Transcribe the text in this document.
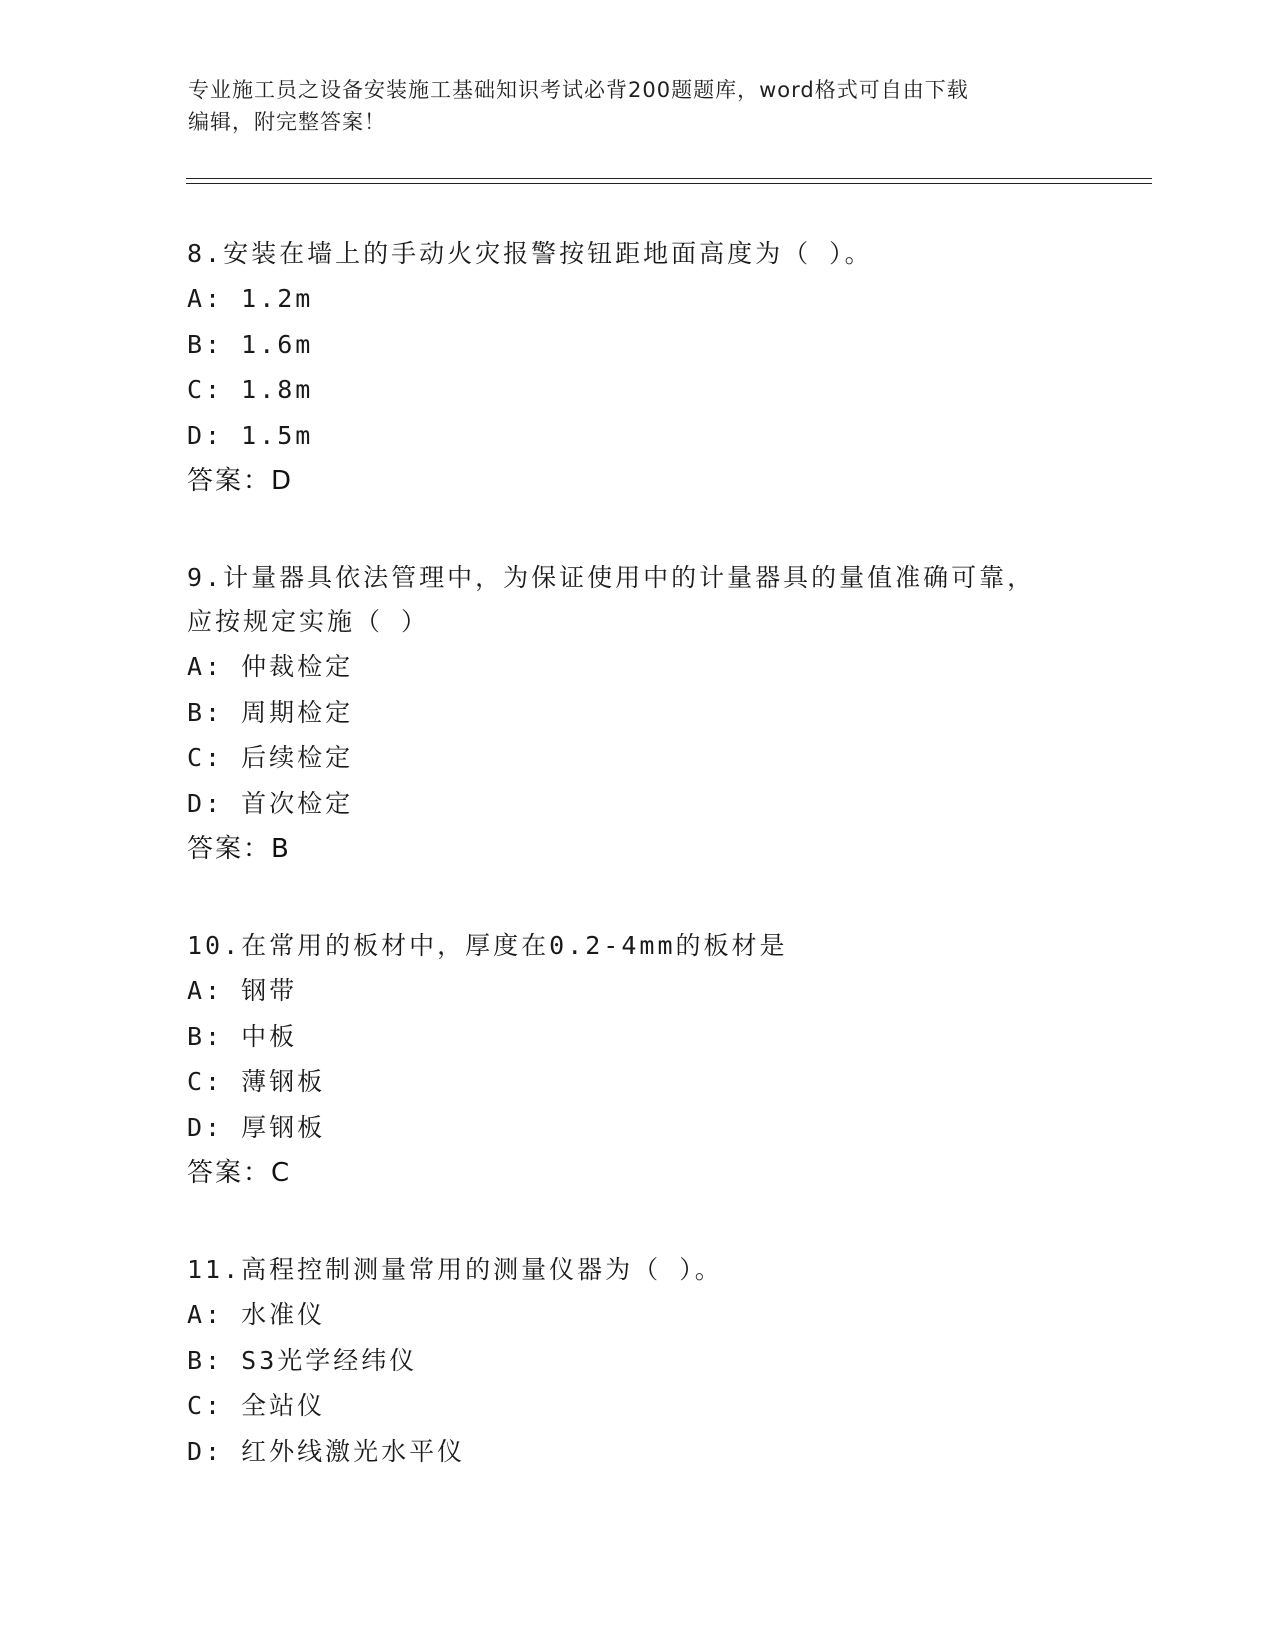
专业施工员之设备安装施工基础知识考试必背200题题库，word格式可自由下载
编辑，附完整答案！
8.安装在墙上的手动火灾报警按钮距地面高度为（ ）。
A: 1.2m
B: 1.6m
C: 1.8m
D: 1.5m
答案：D
9.计量器具依法管理中，为保证使用中的计量器具的量值准确可靠，
应按规定实施（ ）
A: 仲裁检定
B: 周期检定
C: 后续检定
D: 首次检定
答案：B
10.在常用的板材中，厚度在0.2-4mm的板材是
A: 钢带
B: 中板
C: 薄钢板
D: 厚钢板
答案：C
11.高程控制测量常用的测量仪器为（ ）。
A: 水准仪
B: S3光学经纬仪
C: 全站仪
D: 红外线激光水平仪
